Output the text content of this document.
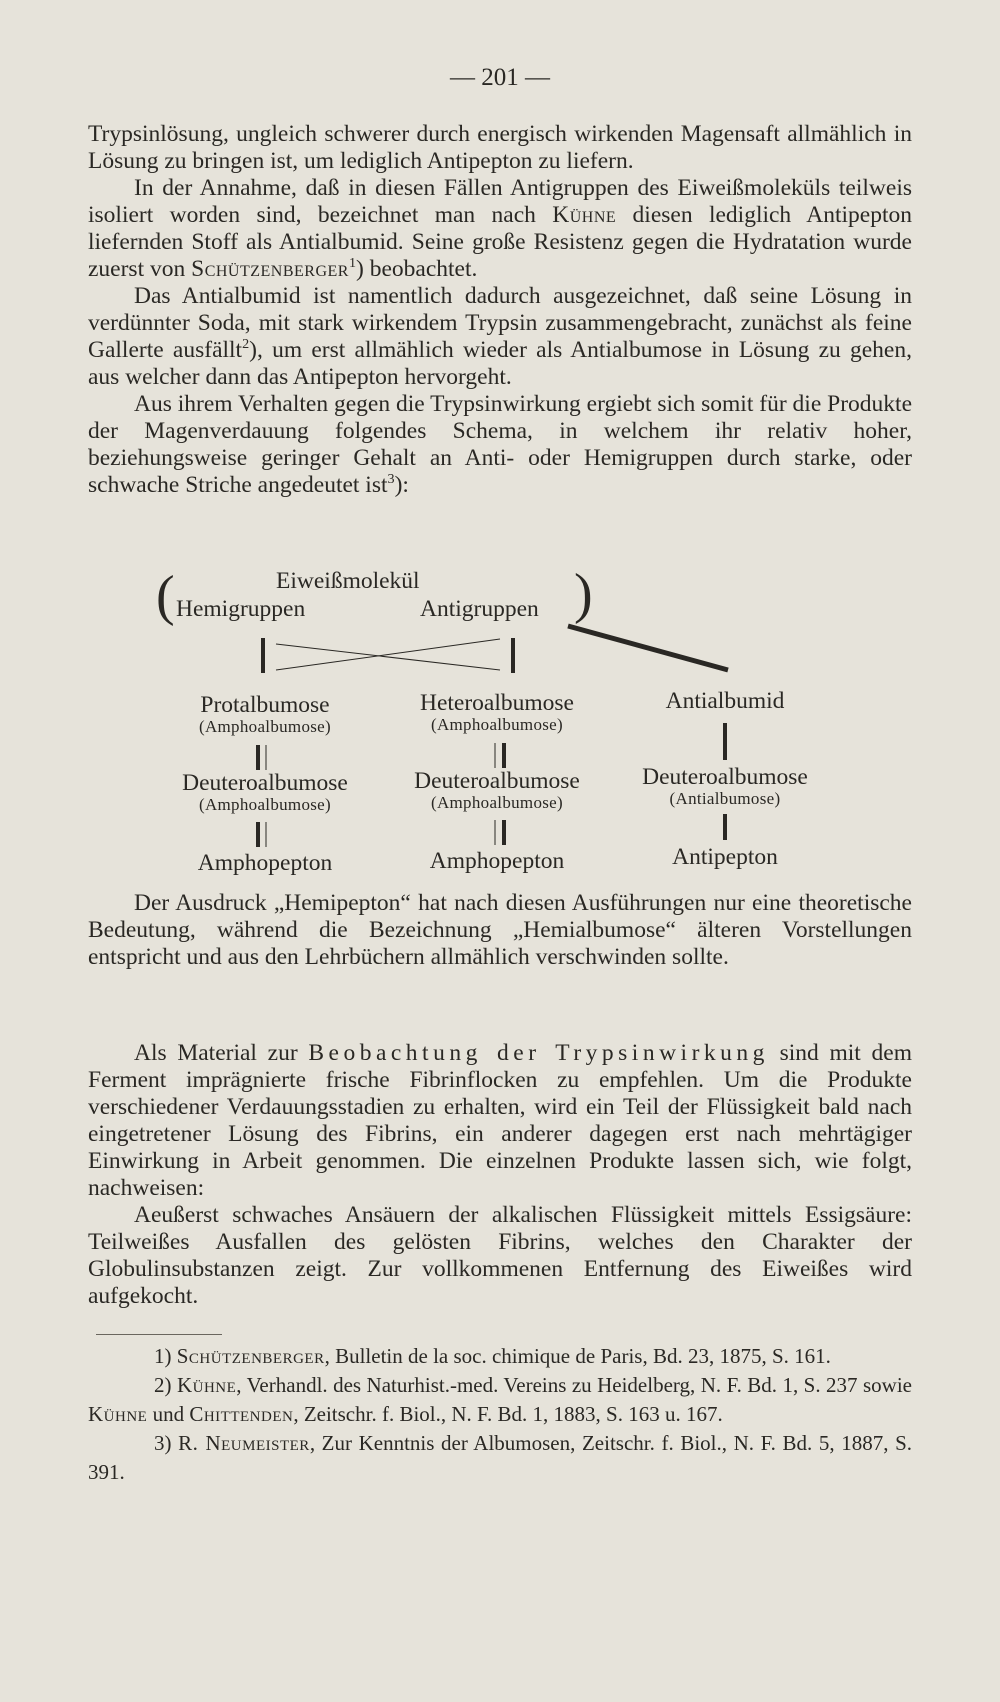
— 201 —

Trypsinlösung, ungleich schwerer durch energisch wirkenden Magensaft allmählich in Lösung zu bringen ist, um lediglich Antipepton zu liefern.

In der Annahme, daß in diesen Fällen Antigruppen des Eiweißmoleküls teilweis isoliert worden sind, bezeichnet man nach Kühne diesen lediglich Antipepton liefernden Stoff als Antialbumid. Seine große Resistenz gegen die Hydratation wurde zuerst von Schützenberger$^1$) beobachtet.

Das Antialbumid ist namentlich dadurch ausgezeichnet, daß seine Lösung in verdünnter Soda, mit stark wirkendem Trypsin zusammengebracht, zunächst als feine Gallerte ausfällt$^2$), um erst allmählich wieder als Antialbumose in Lösung zu gehen, aus welcher dann das Antipepton hervorgeht.

Aus ihrem Verhalten gegen die Trypsinwirkung ergiebt sich somit für die Produkte der Magenverdauung folgendes Schema, in welchem ihr relativ hoher, beziehungsweise geringer Gehalt an Anti- oder Hemigruppen durch starke, oder schwache Striche angedeutet ist$^3$):

(	)
Eiweißmolekül
Hemigruppen	Antigruppen
Protalbumose
(Amphoalbumose)
Deuteroalbumose
(Amphoalbumose)
Amphopepton
Heteroalbumose
(Amphoalbumose)
Deuteroalbumose
(Amphoalbumose)
Amphopepton
Antialbumid
Deuteroalbumose
(Antialbumose)
Antipepton

Der Ausdruck „Hemipepton“ hat nach diesen Ausführungen nur eine theoretische Bedeutung, während die Bezeichnung „Hemialbumose“ älteren Vorstellungen entspricht und aus den Lehrbüchern allmählich verschwinden sollte.

Als Material zur Beobachtung der Trypsinwirkung sind mit dem Ferment imprägnierte frische Fibrinflocken zu empfehlen. Um die Produkte verschiedener Verdauungsstadien zu erhalten, wird ein Teil der Flüssigkeit bald nach eingetretener Lösung des Fibrins, ein anderer dagegen erst nach mehrtägiger Einwirkung in Arbeit genommen. Die einzelnen Produkte lassen sich, wie folgt, nachweisen:

Aeußerst schwaches Ansäuern der alkalischen Flüssigkeit mittels Essigsäure: Teilweißes Ausfallen des gelösten Fibrins, welches den Charakter der Globulinsubstanzen zeigt. Zur vollkommenen Entfernung des Eiweißes wird aufgekocht.

1) Schützenberger, Bulletin de la soc. chimique de Paris, Bd. 23, 1875, S. 161.

2) Kühne, Verhandl. des Naturhist.-med. Vereins zu Heidelberg, N. F. Bd. 1, S. 237 sowie Kühne und Chittenden, Zeitschr. f. Biol., N. F. Bd. 1, 1883, S. 163 u. 167.

3) R. Neumeister, Zur Kenntnis der Albumosen, Zeitschr. f. Biol., N. F. Bd. 5, 1887, S. 391.
